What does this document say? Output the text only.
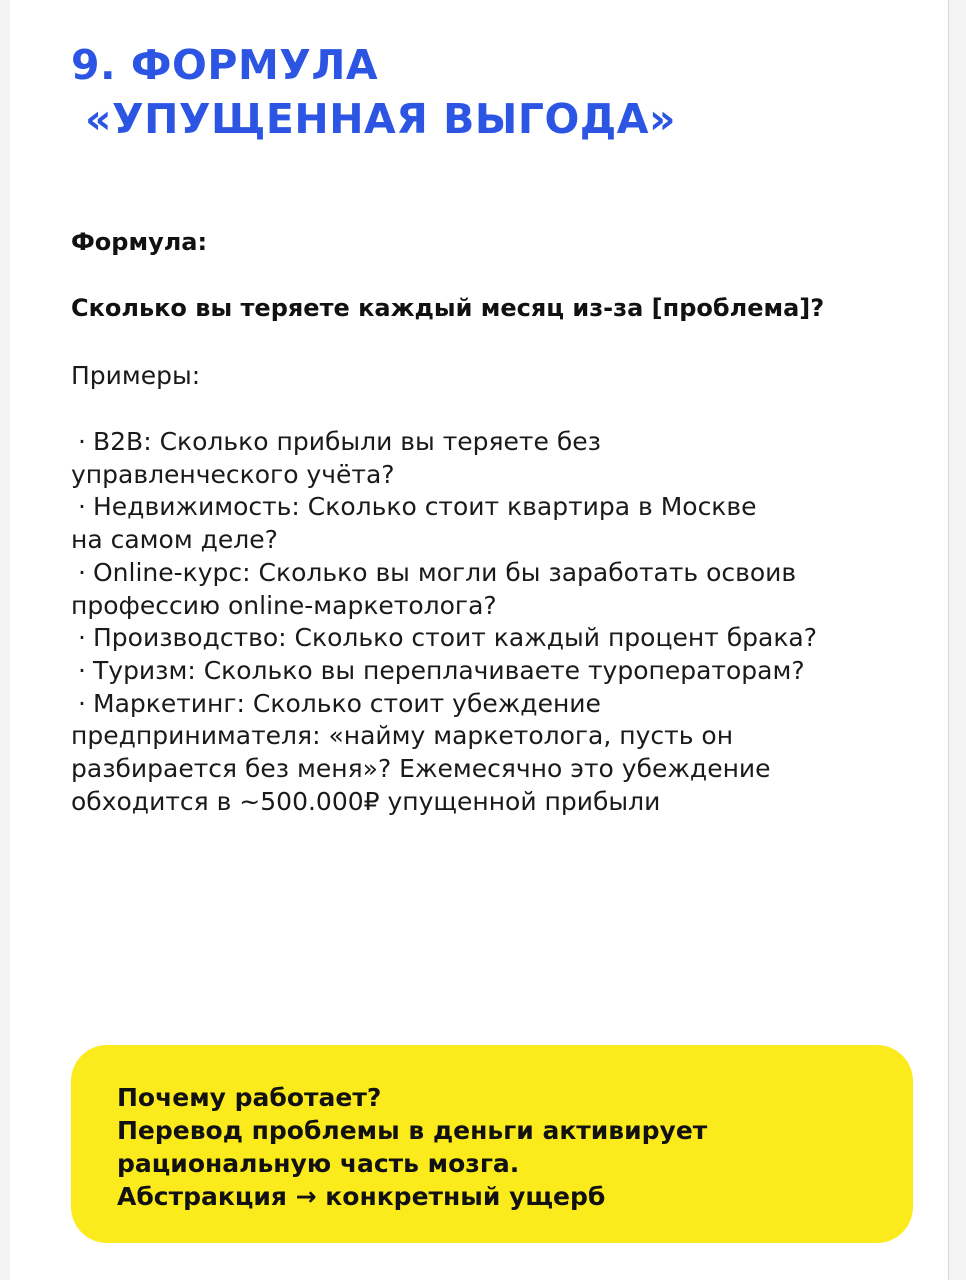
9. ФОРМУЛА
«УПУЩЕННАЯ ВЫГОДА»
Формула:
Сколько вы теряете каждый месяц из-за [проблема]?
Примеры:
· B2B: Сколько прибыли вы теряете без
управленческого учёта?
· Недвижимость: Сколько стоит квартира в Москве
на самом деле?
· Online-курс: Сколько вы могли бы заработать освоив
профессию online-маркетолога?
· Производство: Сколько стоит каждый процент брака?
· Туризм: Сколько вы переплачиваете туроператорам?
· Маркетинг: Сколько стоит убеждение
предпринимателя: «найму маркетолога, пусть он
разбирается без меня»? Ежемесячно это убеждение
обходится в ~500.000₽ упущенной прибыли
Почему работает?
Перевод проблемы в деньги активирует
рациональную часть мозга.
Абстракция → конкретный ущерб
